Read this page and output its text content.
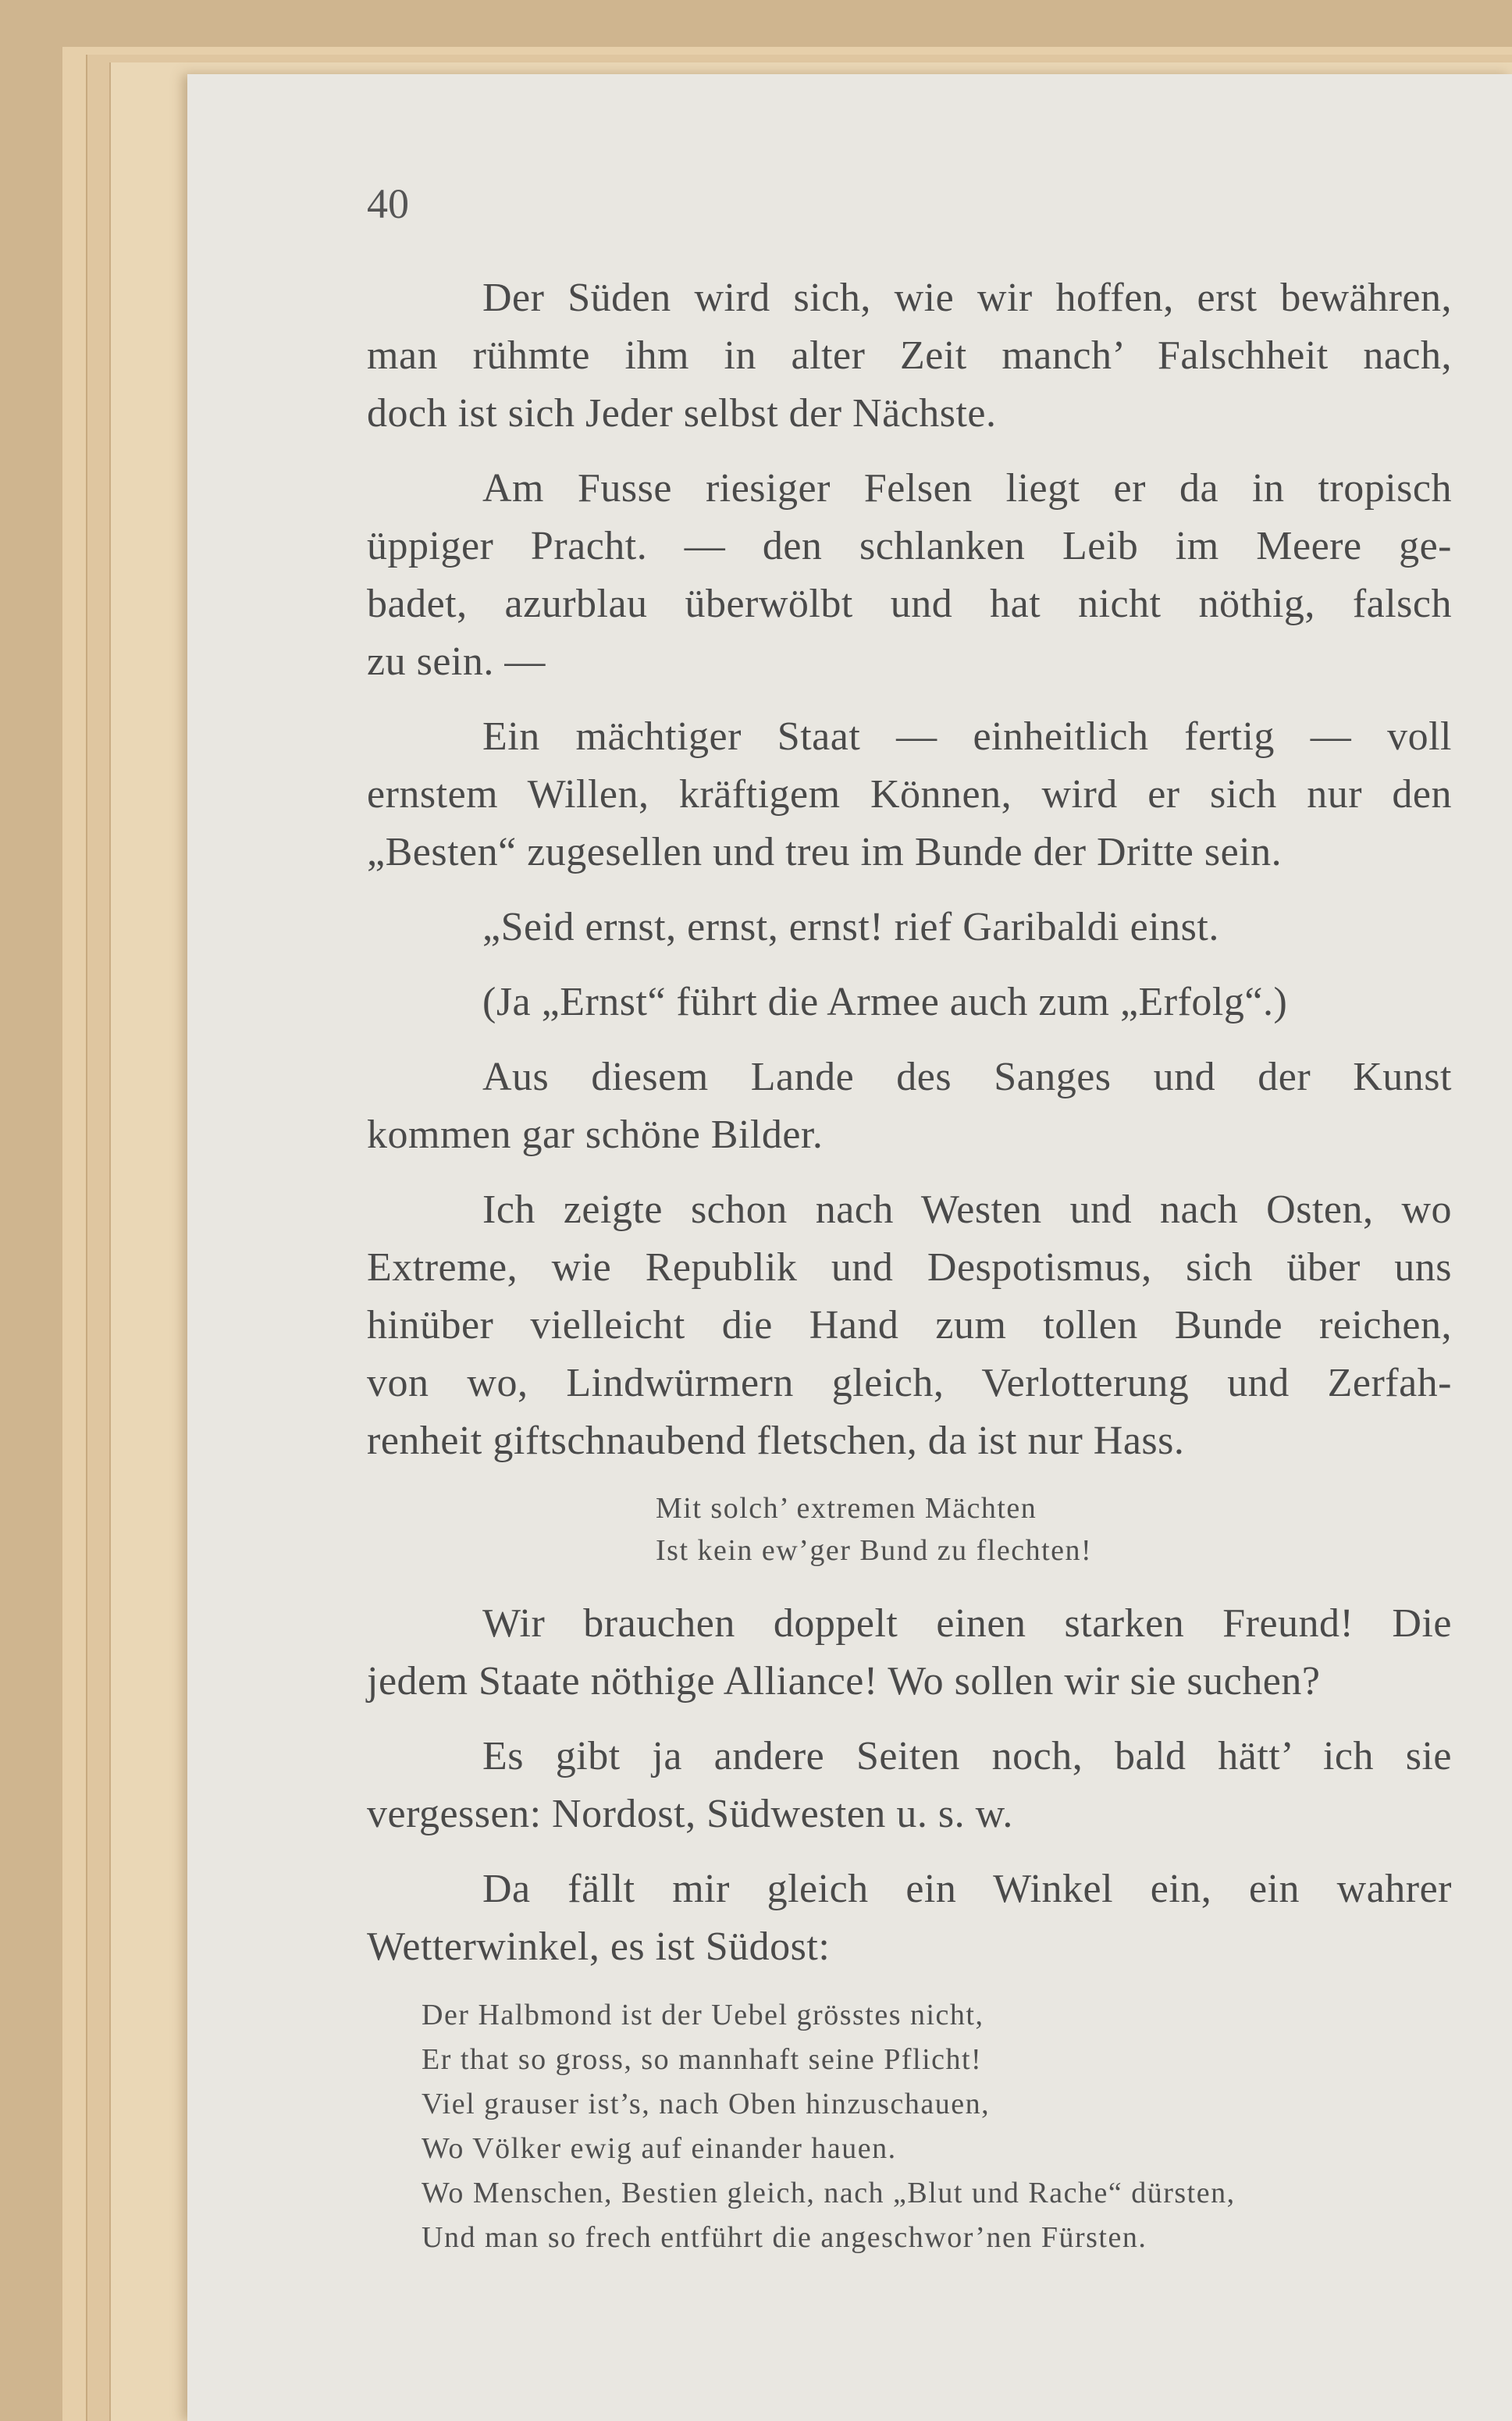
40
Der Süden wird sich, wie wir hoffen, erst bewähren,
man rühmte ihm in alter Zeit manch’ Falschheit nach,
doch ist sich Jeder selbst der Nächste.
Am Fusse riesiger Felsen liegt er da in tropisch
üppiger Pracht. — den schlanken Leib im Meere ge-
badet, azurblau überwölbt und hat nicht nöthig, falsch
zu sein. —
Ein mächtiger Staat — einheitlich fertig — voll
ernstem Willen, kräftigem Können, wird er sich nur den
„Besten“ zugesellen und treu im Bunde der Dritte sein.
„Seid ernst, ernst, ernst! rief Garibaldi einst.
(Ja „Ernst“ führt die Armee auch zum „Erfolg“.)
Aus diesem Lande des Sanges und der Kunst
kommen gar schöne Bilder.
Ich zeigte schon nach Westen und nach Osten, wo
Extreme, wie Republik und Despotismus, sich über uns
hinüber vielleicht die Hand zum tollen Bunde reichen,
von wo, Lindwürmern gleich, Verlotterung und Zerfah-
renheit giftschnaubend fletschen, da ist nur Hass.
Mit solch’ extremen Mächten
Ist kein ew’ger Bund zu flechten!
Wir brauchen doppelt einen starken Freund! Die
jedem Staate nöthige Alliance! Wo sollen wir sie suchen?
Es gibt ja andere Seiten noch, bald hätt’ ich sie
vergessen: Nordost, Südwesten u. s. w.
Da fällt mir gleich ein Winkel ein, ein wahrer
Wetterwinkel, es ist Südost:
Der Halbmond ist der Uebel grösstes nicht,
Er that so gross, so mannhaft seine Pflicht!
Viel grauser ist’s, nach Oben hinzuschauen,
Wo Völker ewig auf einander hauen.
Wo Menschen, Bestien gleich, nach „Blut und Rache“ dürsten,
Und man so frech entführt die angeschwor’nen Fürsten.
